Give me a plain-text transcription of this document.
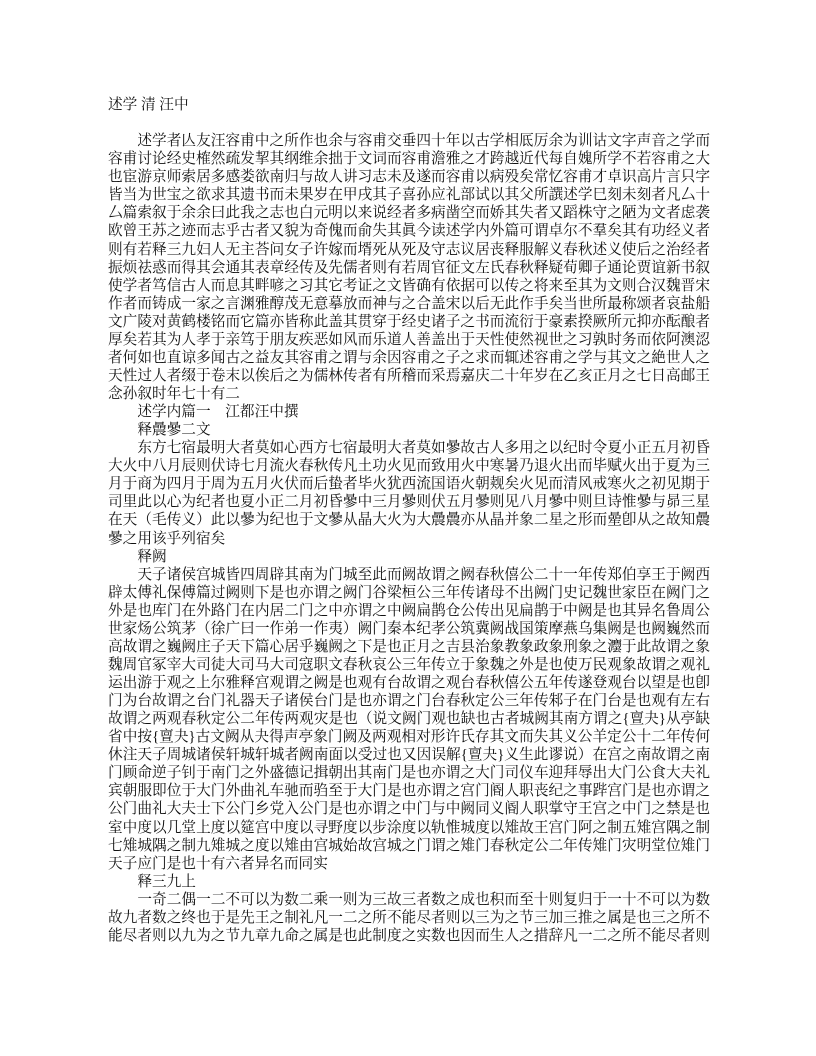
述学 清 汪中
述学者亾友汪容甫中之所作也余与容甫交垂四十年以古学相厎厉余为训诂文字声音之学而
容甫讨论经史榷然疏发挈其纲维余拙于文词而容甫澹雅之才跨越近代每自媿所学不若容甫之大
也宦游京师索居多感娄欲南归与故人讲习志未及遂而容甫以病殁矣常忆容甫才卓识高片言只字
皆当为世宝之欲求其遗书而未果岁在甲戌其子喜孙应礼部试以其父所譔述学巳刻未刻者凡厶十
厶篇索叙于余余曰此我之志也白元明以来说经者多病凿空而娇其失者又蹈株守之陋为文者虑袭
欧曾王苏之迹而志乎古者又貌为奇傀而俞失其眞今读述学内外篇可谓卓尔不羣矣其有功经义者
则有若释三九妇人无主荅问女子许嫁而壻死从死及守志议居丧释服解义春秋述义使后之治经者
振烦祛惑而得其会通其表章经传及先儒者则有若周官征文左氏春秋释疑荀卿子通论贾谊新书叙
使学者笃信古人而息其畔喭之习其它考证之文皆确有依据可以传之将来至其为文则合汉魏晋宋
作者而铸成一家之言渊雅醇茂无意摹放而神与之合盖宋以后无此作手矣当世所最称颂者哀盐船
文广陵对黄鹤楼铭而它篇亦皆称此盖其贯穿于经史诸子之书而流衍于豪素揆厥所元抑亦酝酿者
厚矣若其为人孝于亲笃于朋友疾恶如风而乐道人善盖出于天性使然视世之习孰时务而依阿澳涊
者何如也直谅多闻古之益友其容甫之谓与余因容甫之子之求而辄述容甫之学与其文之絶世人之
天性过人者缀于卷末以俟后之为儒林传者有所稽而采焉嘉庆二十年岁在乙亥正月之七日高邮王
念孙叙时年七十有二
述学内篇一　江都汪中撰
释曟曑二文
东方七宿最明大者莫如心西方七宿最明大者莫如曑故古人多用之以纪时令夏小正五月初昏
大火中八月辰则伏诗七月流火春秋传凡土功火见而致用火中寒暑乃退火出而毕赋火出于夏为三
月于商为四月于周为五月火伏而后蛰者毕火犹西流国语火朝觌矣火见而清风戒寒火之初见期于
司里此以心为纪者也夏小正二月初昏曑中三月曑则伏五月曑则见八月曑中则旦诗惟曑与昴三星
在天（毛传义）此以曑为纪也于文曑从晶大火为大曟曟亦从晶并象二星之形而曐卽从之故知曟
曑之用该乎列宿矣
释阙
天子诸侯宫城皆四周辟其南为门城至此而阙故谓之阙春秋僖公二十一年传郑伯享王于阙西
辟太傅礼保傅篇过阙则下是也亦谓之阙门谷梁桓公三年传诸母不出阙门史记魏世家臣在阙门之
外是也库门在外路门在内居二门之中亦谓之中阙扁鹊仓公传出见扁鹊于中阙是也其异名鲁周公
世家炀公筑茅（徐广曰一作弟一作夷）阙门秦本纪孝公筑冀阙战国策摩燕乌集阙是也阙巍然而
高故谓之巍阙庄子天下篇心居乎巍阙之下是也正月之吉县治象教象政象刑象之灋于此故谓之象
魏周官冢宰大司徒大司马大司寇职文春秋哀公三年传立于象魏之外是也使万民观象故谓之观礼
运出游于观之上尔雅释宫观谓之阙是也观有台故谓之观台春秋僖公五年传遂登观台以望是也卽
门为台故谓之台门礼器天子诸侯台门是也亦谓之门台春秋定公三年传邾子在门台是也观有左右
故谓之两观春秋定公二年传两观灾是也（说文阙门观也缺也古者城阙其南方谓之{亶夬}从亭缺
省中按{亶夬}古文阙从夬得声亭象门阙及两观相对形许氏存其文而失其义公羊定公十二年传何
休注天子周城诸侯轩城轩城者阙南面以受过也又因误解{亶夬}义生此谬说）在宫之南故谓之南
门顾命逆子钊于南门之外盛德记揖朝出其南门是也亦谓之大门司仪车迎拜辱出大门公食大夫礼
宾朝服即位于大门外曲礼车驰而驺至于大门是也亦谓之宫门阍人职丧纪之事跸宫门是也亦谓之
公门曲礼大夫士下公门乡党入公门是也亦谓之中门与中阙同义阍人职掌守王宫之中门之禁是也
室中度以几堂上度以筵宫中度以寻野度以步涂度以轨惟城度以雉故王宫门阿之制五雉宫隅之制
七雉城隅之制九雉城之度以雉由宫城始故宫城之门谓之雉门春秋定公二年传雉门灾明堂位雉门
天子应门是也十有六者异名而同实
释三九上
一奇二偶一二不可以为数二乘一则为三故三者数之成也积而至十则复归于一十不可以为数
故九者数之终也于是先王之制礼凡一二之所不能尽者则以三为之节三加三推之属是也三之所不
能尽者则以九为之节九章九命之属是也此制度之实数也因而生人之措辞凡一二之所不能尽者则
